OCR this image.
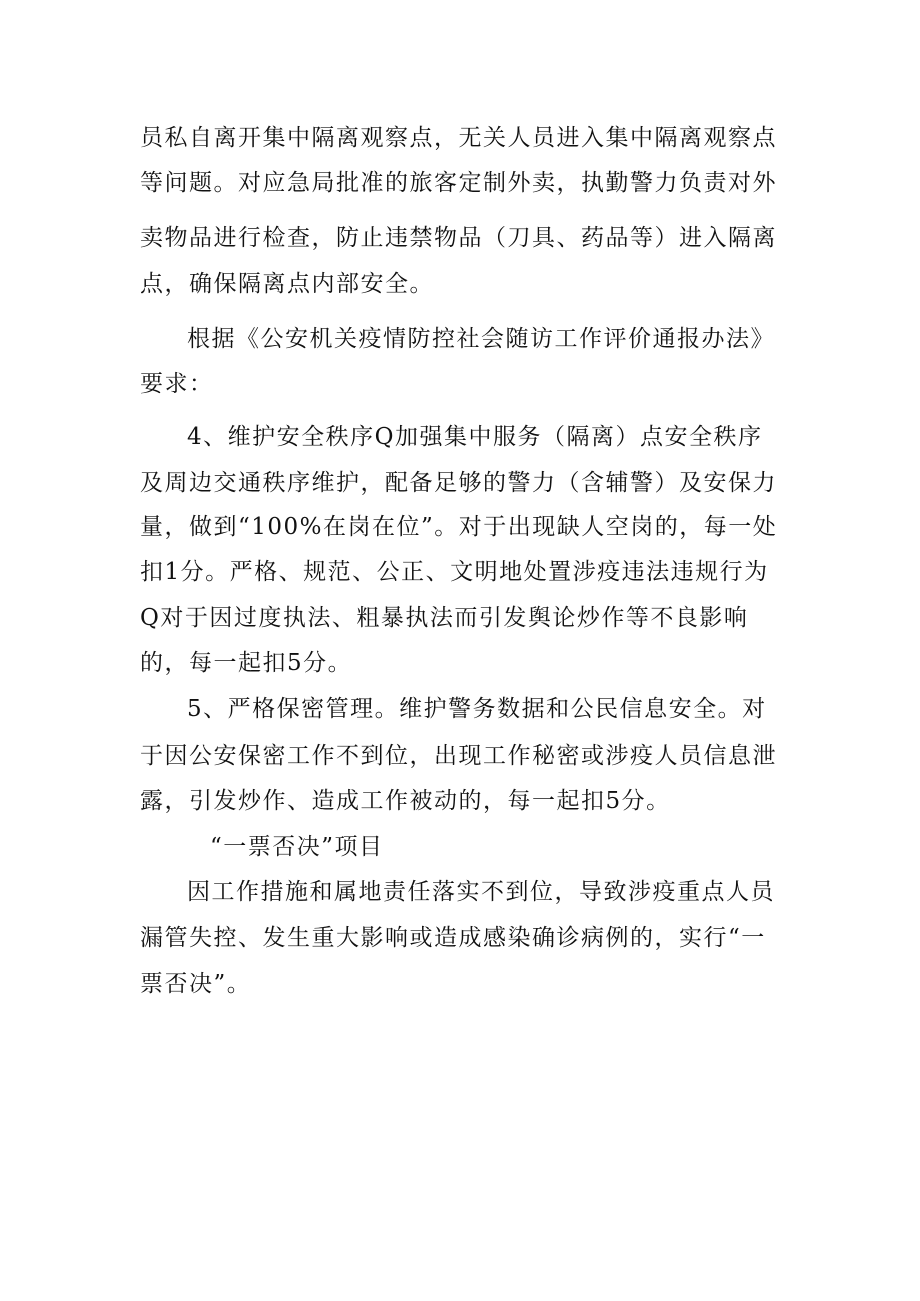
员私自离开集中隔离观察点，无关人员进入集中隔离观察点
等问题。对应急局批准的旅客定制外卖，执勤警力负责对外
卖物品进行检查，防止违禁物品（刀具、药品等）进入隔离
点，确保隔离点内部安全。
根据《公安机关疫情防控社会随访工作评价通报办法》
要求：
4、维护安全秩序Q加强集中服务（隔离）点安全秩序
及周边交通秩序维护，配备足够的警力（含辅警）及安保力
量，做到“100%在岗在位”。对于出现缺人空岗的，每一处
扣1分。严格、规范、公正、文明地处置涉疫违法违规行为
Q对于因过度执法、粗暴执法而引发舆论炒作等不良影响
的，每一起扣5分。
5、严格保密管理。维护警务数据和公民信息安全。对
于因公安保密工作不到位，出现工作秘密或涉疫人员信息泄
露，引发炒作、造成工作被动的，每一起扣5分。
“一票否决”项目
因工作措施和属地责任落实不到位，导致涉疫重点人员
漏管失控、发生重大影响或造成感染确诊病例的，实行“一
票否决”。
